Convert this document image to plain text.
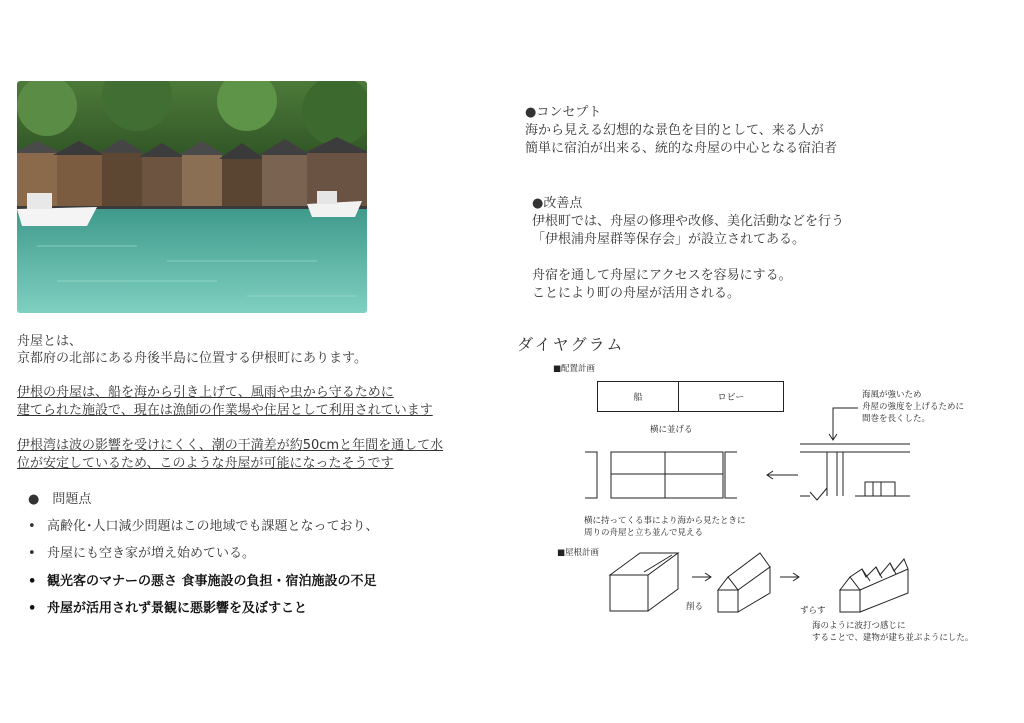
舟屋とは、
京都府の北部にある舟後半島に位置する伊根町にあります。
伊根の舟屋は、船を海から引き上げて、風雨や虫から守るために
建てられた施設で、現在は漁師の作業場や住居として利用されています
伊根湾は波の影響を受けにくく、潮の干満差が約50cmと年間を通して水
位が安定しているため、このような舟屋が可能になったそうです
●　問題点
• 高齢化･人口減少問題はこの地域でも課題となっており、
• 舟屋にも空き家が増え始めている。
• 観光客のマナーの悪さ 食事施設の負担・宿泊施設の不足
• 舟屋が活用されず景観に悪影響を及ぼすこと
●コンセプト
海から見える幻想的な景色を目的として、来る人が
簡単に宿泊が出来る、統的な舟屋の中心となる宿泊者
●改善点
伊根町では、舟屋の修理や改修、美化活動などを行う
「伊根浦舟屋群等保存会」が設立されてある。
舟宿を通して舟屋にアクセスを容易にする。
ことにより町の舟屋が活用される。
ダイヤグラム
■配置計画
船	ロビー
横に並げる
海風が強いため
舟屋の強度を上げるために
間巻を長くした。
横に持ってくる事により海から見たときに
周りの舟屋と立ち並んで見える
■屋根計画
削る	ずらす
海のように波打つ感じに
することで、建物が建ち並ぶようにした。
